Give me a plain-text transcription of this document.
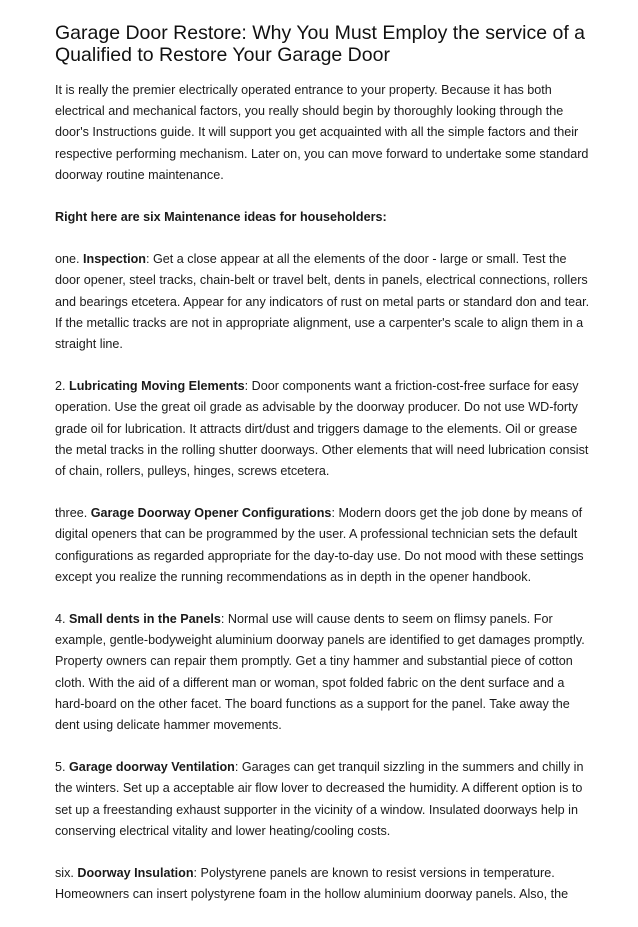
Garage Door Restore: Why You Must Employ the service of a Qualified to Restore Your Garage Door

It is really the premier electrically operated entrance to your property. Because it has both electrical and mechanical factors, you really should begin by thoroughly looking through the door's Instructions guide. It will support you get acquainted with all the simple factors and their respective performing mechanism. Later on, you can move forward to undertake some standard doorway routine maintenance.

Right here are six Maintenance ideas for householders:

one. Inspection: Get a close appear at all the elements of the door - large or small. Test the door opener, steel tracks, chain-belt or travel belt, dents in panels, electrical connections, rollers and bearings etcetera. Appear for any indicators of rust on metal parts or standard don and tear. If the metallic tracks are not in appropriate alignment, use a carpenter's scale to align them in a straight line.

2. Lubricating Moving Elements: Door components want a friction-cost-free surface for easy operation. Use the great oil grade as advisable by the doorway producer. Do not use WD-forty grade oil for lubrication. It attracts dirt/dust and triggers damage to the elements. Oil or grease the metal tracks in the rolling shutter doorways. Other elements that will need lubrication consist of chain, rollers, pulleys, hinges, screws etcetera.

three. Garage Doorway Opener Configurations: Modern doors get the job done by means of digital openers that can be programmed by the user. A professional technician sets the default configurations as regarded appropriate for the day-to-day use. Do not mood with these settings except you realize the running recommendations as in depth in the opener handbook.

4. Small dents in the Panels: Normal use will cause dents to seem on flimsy panels. For example, gentle-bodyweight aluminium doorway panels are identified to get damages promptly. Property owners can repair them promptly. Get a tiny hammer and substantial piece of cotton cloth. With the aid of a different man or woman, spot folded fabric on the dent surface and a hard-board on the other facet. The board functions as a support for the panel. Take away the dent using delicate hammer movements.

5. Garage doorway Ventilation: Garages can get tranquil sizzling in the summers and chilly in the winters. Set up a acceptable air flow lover to decreased the humidity. A different option is to set up a freestanding exhaust supporter in the vicinity of a window. Insulated doorways help in conserving electrical vitality and lower heating/cooling costs.

six. Doorway Insulation: Polystyrene panels are known to resist versions in temperature. Homeowners can insert polystyrene foam in the hollow aluminium doorway panels. Also, the
